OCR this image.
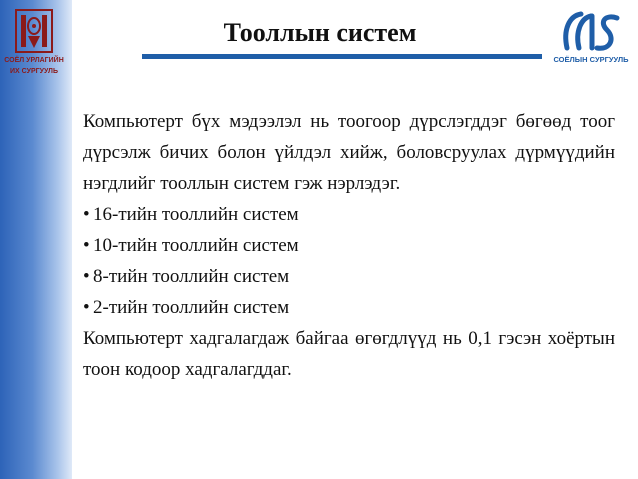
СОЁЛ УРЛАГИЙН
ИХ СУРГУУЛЬ
Тооллын систем
СОЁЛЫН СУРГУУЛЬ

Компьютерт бүх мэдээлэл нь тоогоор дүрслэгддэг бөгөөд тоог дүрсэлж бичих болон үйлдэл хийж, боловсруулах дүрмүүдийн нэгдлийг тооллын систем гэж нэрлэдэг.

• 16-тийн тооллийн систем
• 10-тийн тооллийн систем
• 8-тийн тооллийн систем
• 2-тийн тооллийн систем

Компьютерт хадгалагдаж байгаа өгөгдлүүд нь 0,1 гэсэн хоёртын тоон кодоор хадгалагддаг.
